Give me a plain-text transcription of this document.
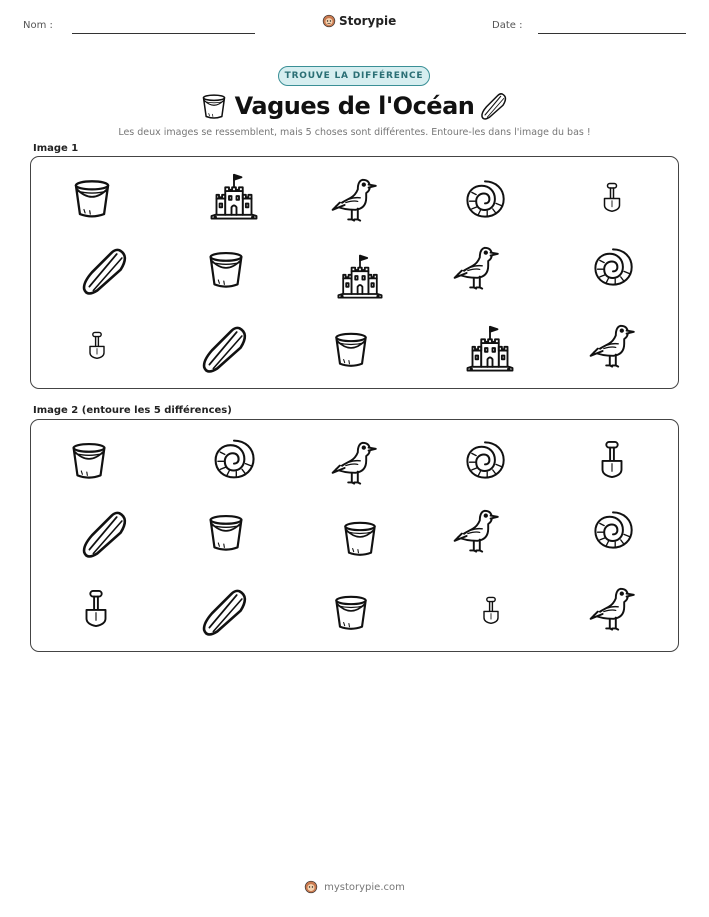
Nom :	Storypie	Date :
TROUVE LA DIFFÉRENCE
Vagues de l'Océan
Les deux images se ressemblent, mais 5 choses sont différentes. Entoure-les dans l'image du bas !
Image 1
Image 2 (entoure les 5 différences)
mystorypie.com
